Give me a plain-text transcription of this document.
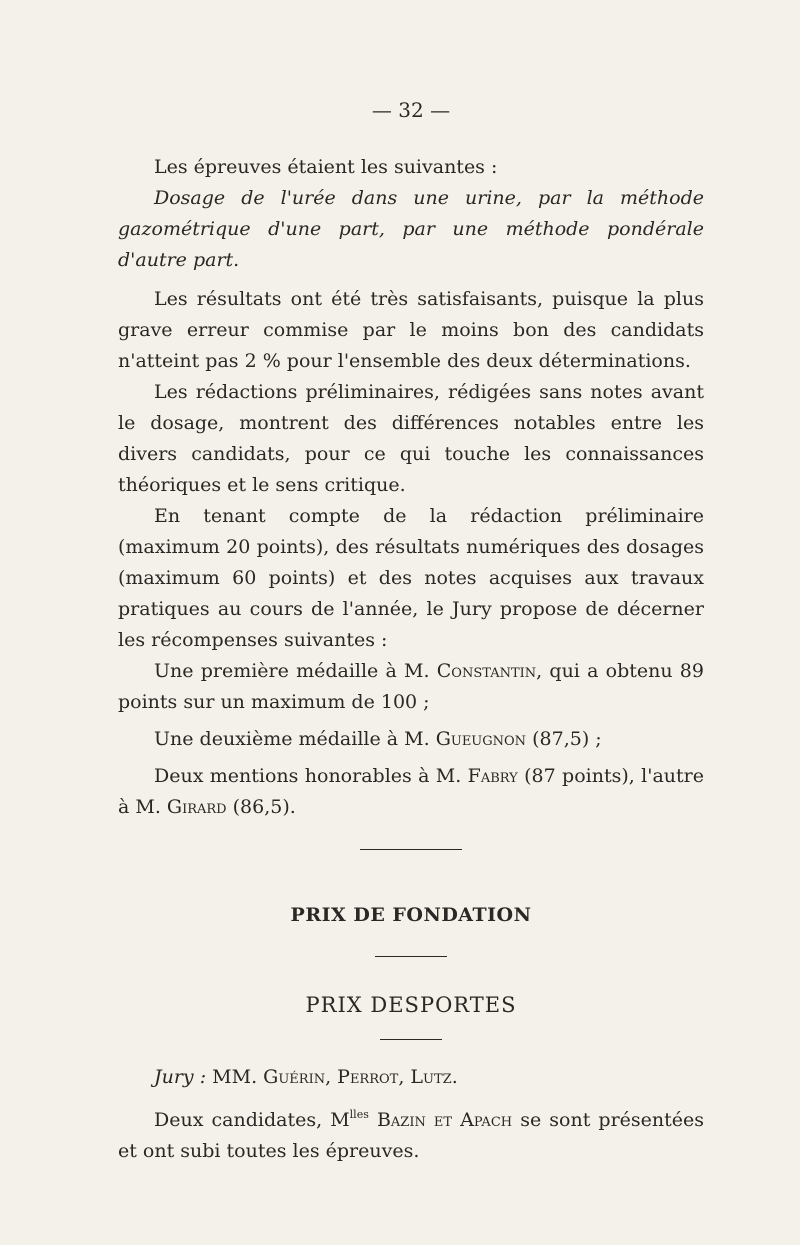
— 32 —

Les épreuves étaient les suivantes :

Dosage de l'urée dans une urine, par la méthode gazométrique d'une part, par une méthode pondérale d'autre part.

Les résultats ont été très satisfaisants, puisque la plus grave erreur commise par le moins bon des candidats n'atteint pas 2 % pour l'ensemble des deux déterminations.

Les rédactions préliminaires, rédigées sans notes avant le dosage, montrent des différences notables entre les divers candidats, pour ce qui touche les connaissances théoriques et le sens critique.

En tenant compte de la rédaction préliminaire (maximum 20 points), des résultats numériques des dosages (maximum 60 points) et des notes acquises aux travaux pratiques au cours de l'année, le Jury propose de décerner les récompenses suivantes :

Une première médaille à M. Constantin, qui a obtenu 89 points sur un maximum de 100 ;

Une deuxième médaille à M. Gueugnon (87,5) ;

Deux mentions honorables à M. Fabry (87 points), l'autre à M. Girard (86,5).

PRIX DE FONDATION
PRIX DESPORTES

Jury : MM. Guérin, Perrot, Lutz.

Deux candidates, $M^{lles}$ Bazin et Apach se sont présentées et ont subi toutes les épreuves.
